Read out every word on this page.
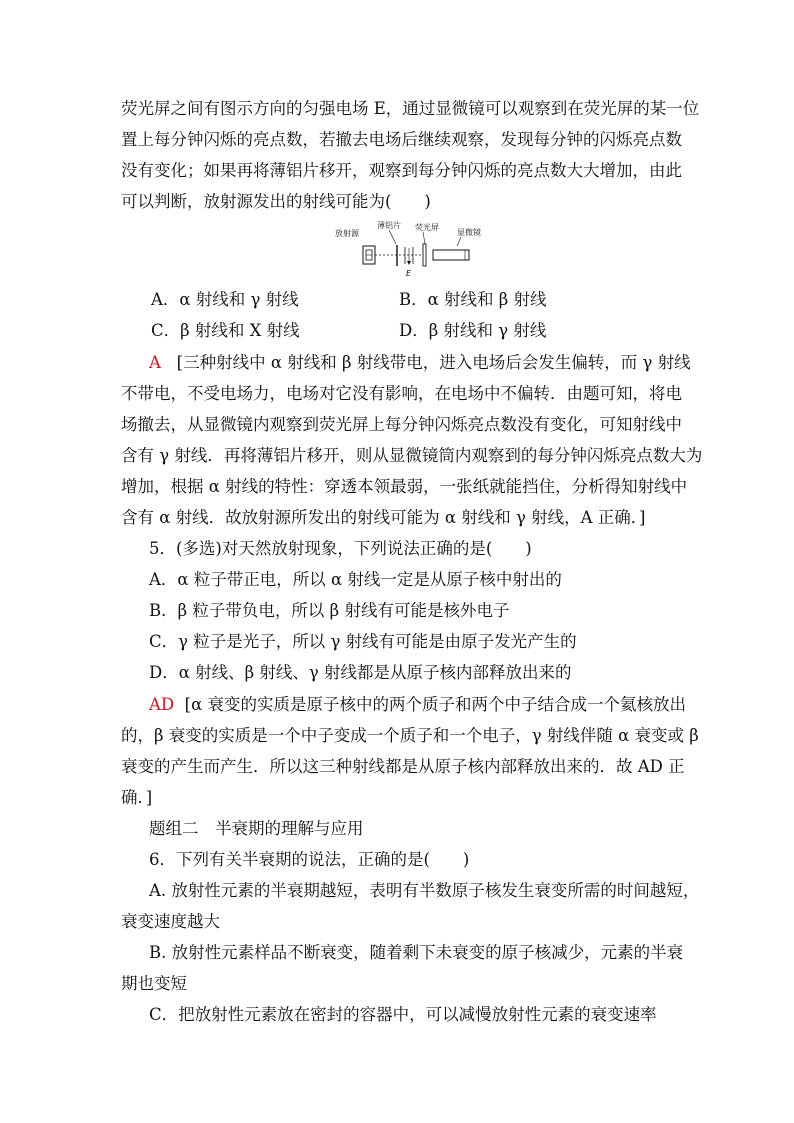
荧光屏之间有图示方向的匀强电场 E，通过显微镜可以观察到在荧光屏的某一位
置上每分钟闪烁的亮点数，若撤去电场后继续观察，发现每分钟的闪烁亮点数
没有变化；如果再将薄铝片移开，观察到每分钟闪烁的亮点数大大增加，由此
放射源
薄铝片 荧光屏
显微镜
E
A．α 射线和 γ 射线	B．α 射线和 β 射线
C．β 射线和 X 射线	D．β 射线和 γ 射线
A [三种射线中 α 射线和 β 射线带电，进入电场后会发生偏转，而 γ 射线
不带电，不受电场力，电场对它没有影响，在电场中不偏转．由题可知，将电
场撤去，从显微镜内观察到荧光屏上每分钟闪烁亮点数没有变化，可知射线中
含有 γ 射线．再将薄铝片移开，则从显微镜筒内观察到的每分钟闪烁亮点数大为
增加，根据 α 射线的特性：穿透本领最弱，一张纸就能挡住，分析得知射线中
含有 α 射线．故放射源所发出的射线可能为 α 射线和 γ 射线，A 正确．]
5．(多选)对天然放射现象，下列说法正确的是(　　)
A．α 粒子带正电，所以 α 射线一定是从原子核中射出的
B．β 粒子带负电，所以 β 射线有可能是核外电子
C．γ 粒子是光子，所以 γ 射线有可能是由原子发光产生的
D．α 射线、β 射线、γ 射线都是从原子核内部释放出来的
AD [α 衰变的实质是原子核中的两个质子和两个中子结合成一个氦核放出
的，β 衰变的实质是一个中子变成一个质子和一个电子，γ 射线伴随 α 衰变或 β
衰变的产生而产生．所以这三种射线都是从原子核内部释放出来的．故 AD 正
确．]
题组二　半衰期的理解与应用
6．下列有关半衰期的说法，正确的是(　　)
A. 放射性元素的半衰期越短，表明有半数原子核发生衰变所需的时间越短，
衰变速度越大
B. 放射性元素样品不断衰变，随着剩下未衰变的原子核减少，元素的半衰
期也变短
C．把放射性元素放在密封的容器中，可以减慢放射性元素的衰变速率
可以判断，放射源发出的射线可能为(　　)
